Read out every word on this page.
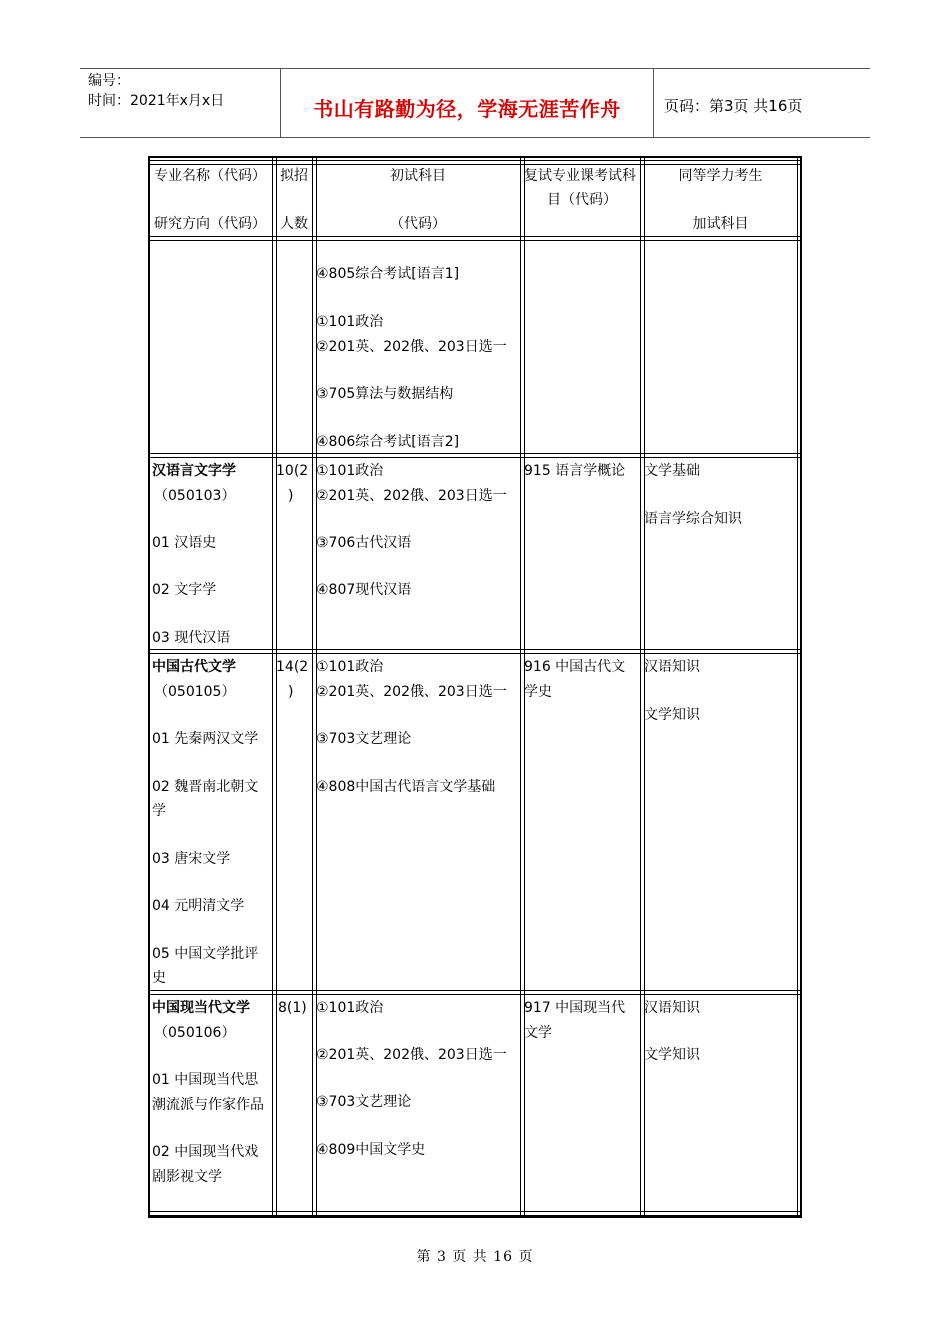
编号：
时间：2021年x月x日	书山有路勤为径，学海无涯苦作舟	页码：第3页 共16页
专业名称（代码）
研究方向（代码）
拟招
人数
初试科目
（代码）
复试专业课考试科
目（代码）
同等学力考生
加试科目
④805综合考试[语言1]
①101政治
②201英、202俄、203日选一
③705算法与数据结构
④806综合考试[语言2]
汉语言文字学
（050103）
01 汉语史
02 文字学
03 现代汉语
10(2
)
①101政治
②201英、202俄、203日选一
③706古代汉语
④807现代汉语
915 语言学概论 文学基础
语言学综合知识
中国古代文学
（050105）
01 先秦两汉文学
02 魏晋南北朝文
学
03 唐宋文学
04 元明清文学
05 中国文学批评
史
14(2
)
①101政治
②201英、202俄、203日选一
③703文艺理论
④808中国古代语言文学基础
916 中国古代文
学史
汉语知识
文学知识
中国现当代文学
（050106）
01 中国现当代思
潮流派与作家作品
02 中国现当代戏
剧影视文学
8(1) ①101政治
②201英、202俄、203日选一
③703文艺理论
④809中国文学史
917 中国现当代
文学
汉语知识
文学知识
第 3 页 共 16 页
